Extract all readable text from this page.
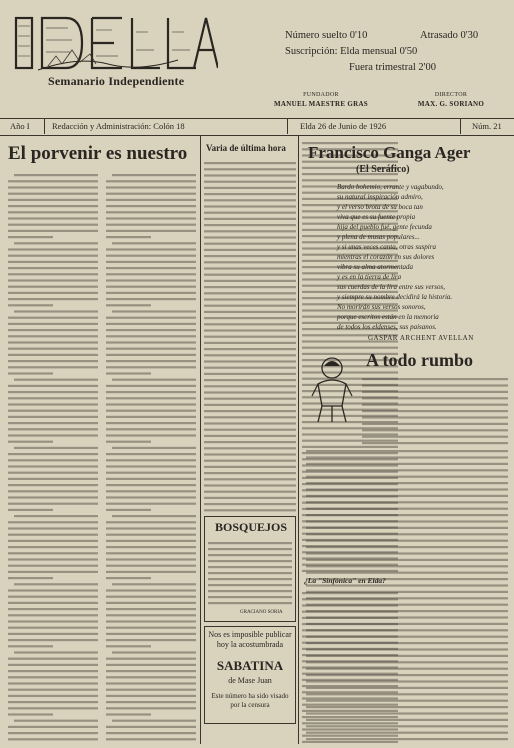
Semanario Independiente
Número suelto 0'10
Suscripción: Elda mensual 0'50
Fuera trimestral 2'00
Atrasado 0'30
FUNDADOR
MANUEL MAESTRE GRAS
DIRECTOR
MAX. G. SORIANO
Año I	Redacción y Administración: Colón 18	Elda 26 de Junio de 1926	Núm. 21
El porvenir es nuestro Varia de última hora
BOSQUEJOS
GRACIANO SORIA
Nos es imposible publicar hoy la acostumbrada
SABATINA
de Mase Juan
Este número ha sido visado por la censura
¿La "Sinfónica" en Elda?
Francisco Ganga Ager
(El Seráfico)
Bardo bohemio, errante y vagabundo,
su natural inspiración admiro,
y el verso brota de su boca tan
viva que es su fuente propia
hija del pueblo fué, gente fecunda
y plena de musas populares...
y si unas veces canta, otras suspira
mientras el corazón en sus dolores
vibra su alma atormentada
y es en la tierra de lira
sus cuerdas de la lira entre sus versos,
y siempre su nombre decidirá la historia.
No morirán sus versos sonoros,
porque escritos están en la memoria
de todos los eldenses, sus paisanos.
GASPAR ARCHENT AVELLAN
A todo rumbo
